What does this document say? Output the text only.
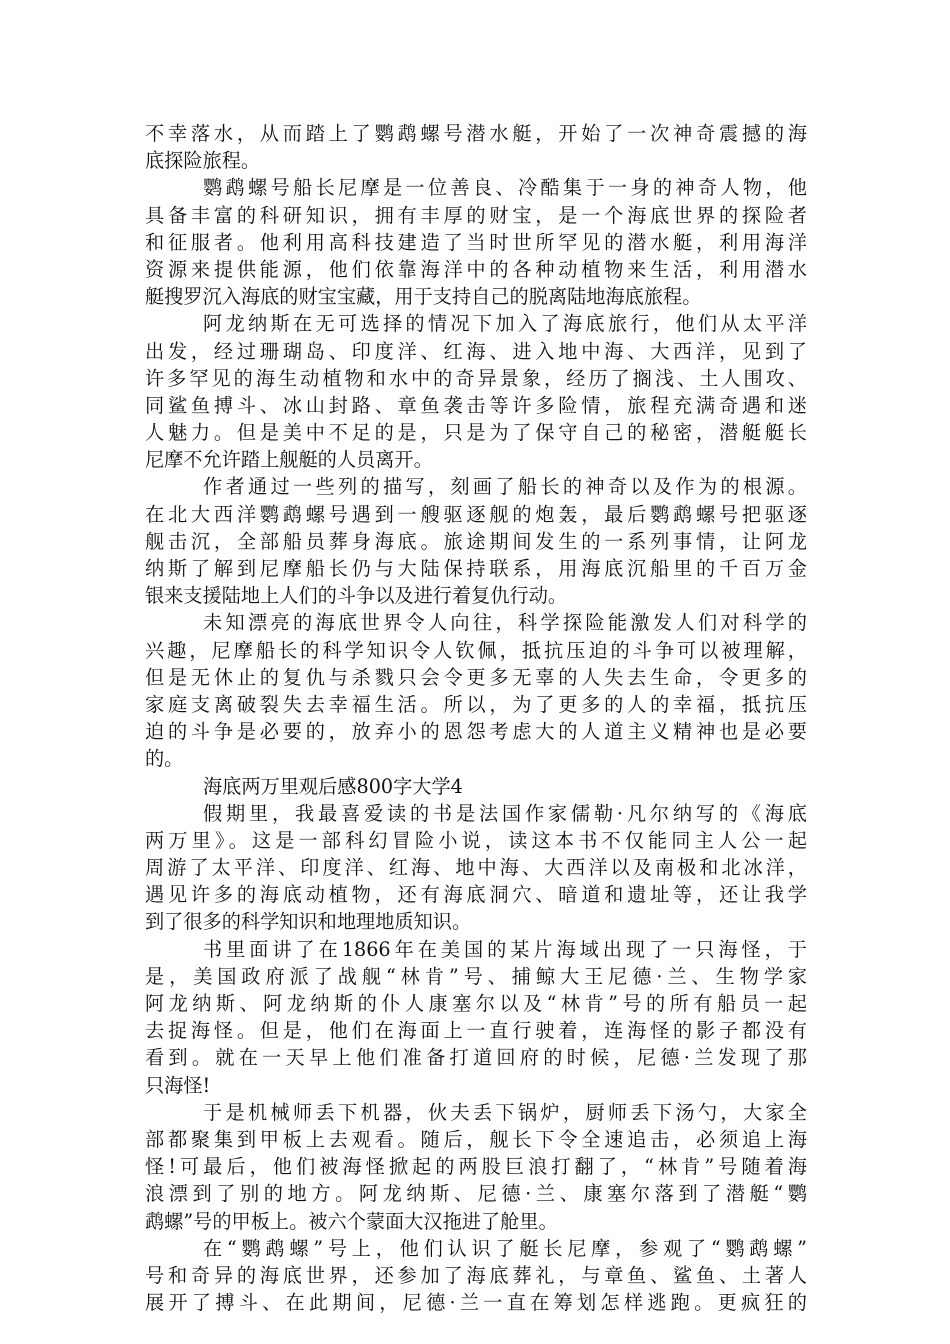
不幸落水，从而踏上了鹦鹉螺号潜水艇，开始了一次神奇震撼的海
底探险旅程。
鹦鹉螺号船长尼摩是一位善良、冷酷集于一身的神奇人物，他
具备丰富的科研知识，拥有丰厚的财宝，是一个海底世界的探险者
和征服者。他利用高科技建造了当时世所罕见的潜水艇，利用海洋
资源来提供能源，他们依靠海洋中的各种动植物来生活，利用潜水
艇搜罗沉入海底的财宝宝藏，用于支持自己的脱离陆地海底旅程。
阿龙纳斯在无可选择的情况下加入了海底旅行，他们从太平洋
出发，经过珊瑚岛、印度洋、红海、进入地中海、大西洋，见到了
许多罕见的海生动植物和水中的奇异景象，经历了搁浅、土人围攻、
同鲨鱼搏斗、冰山封路、章鱼袭击等许多险情，旅程充满奇遇和迷
人魅力。但是美中不足的是，只是为了保守自己的秘密，潜艇艇长
尼摩不允许踏上舰艇的人员离开。
作者通过一些列的描写，刻画了船长的神奇以及作为的根源。
在北大西洋鹦鹉螺号遇到一艘驱逐舰的炮轰，最后鹦鹉螺号把驱逐
舰击沉，全部船员葬身海底。旅途期间发生的一系列事情，让阿龙
纳斯了解到尼摩船长仍与大陆保持联系，用海底沉船里的千百万金
银来支援陆地上人们的斗争以及进行着复仇行动。
未知漂亮的海底世界令人向往，科学探险能激发人们对科学的
兴趣，尼摩船长的科学知识令人钦佩，抵抗压迫的斗争可以被理解，
但是无休止的复仇与杀戮只会令更多无辜的人失去生命，令更多的
家庭支离破裂失去幸福生活。所以，为了更多的人的幸福，抵抗压
迫的斗争是必要的，放弃小的恩怨考虑大的人道主义精神也是必要
的。
海底两万里观后感800字大学4
假期里，我最喜爱读的书是法国作家儒勒·凡尔纳写的《海底
两万里》。这是一部科幻冒险小说，读这本书不仅能同主人公一起
周游了太平洋、印度洋、红海、地中海、大西洋以及南极和北冰洋，
遇见许多的海底动植物，还有海底洞穴、暗道和遗址等，还让我学
到了很多的科学知识和地理地质知识。
书里面讲了在1866年在美国的某片海域出现了一只海怪，于
是，美国政府派了战舰“林肯”号、捕鲸大王尼德·兰、生物学家
阿龙纳斯、阿龙纳斯的仆人康塞尔以及“林肯”号的所有船员一起
去捉海怪。但是，他们在海面上一直行驶着，连海怪的影子都没有
看到。就在一天早上他们准备打道回府的时候，尼德·兰发现了那
只海怪!
于是机械师丢下机器，伙夫丢下锅炉，厨师丢下汤勺，大家全
部都聚集到甲板上去观看。随后，舰长下令全速追击，必须追上海
怪!可最后，他们被海怪掀起的两股巨浪打翻了，“林肯”号随着海
浪漂到了别的地方。阿龙纳斯、尼德·兰、康塞尔落到了潜艇“鹦
鹉螺”号的甲板上。被六个蒙面大汉拖进了舱里。
在“鹦鹉螺”号上，他们认识了艇长尼摩，参观了“鹦鹉螺”
号和奇异的海底世界，还参加了海底葬礼，与章鱼、鲨鱼、土著人
展开了搏斗、在此期间，尼德·兰一直在筹划怎样逃跑。更疯狂的
